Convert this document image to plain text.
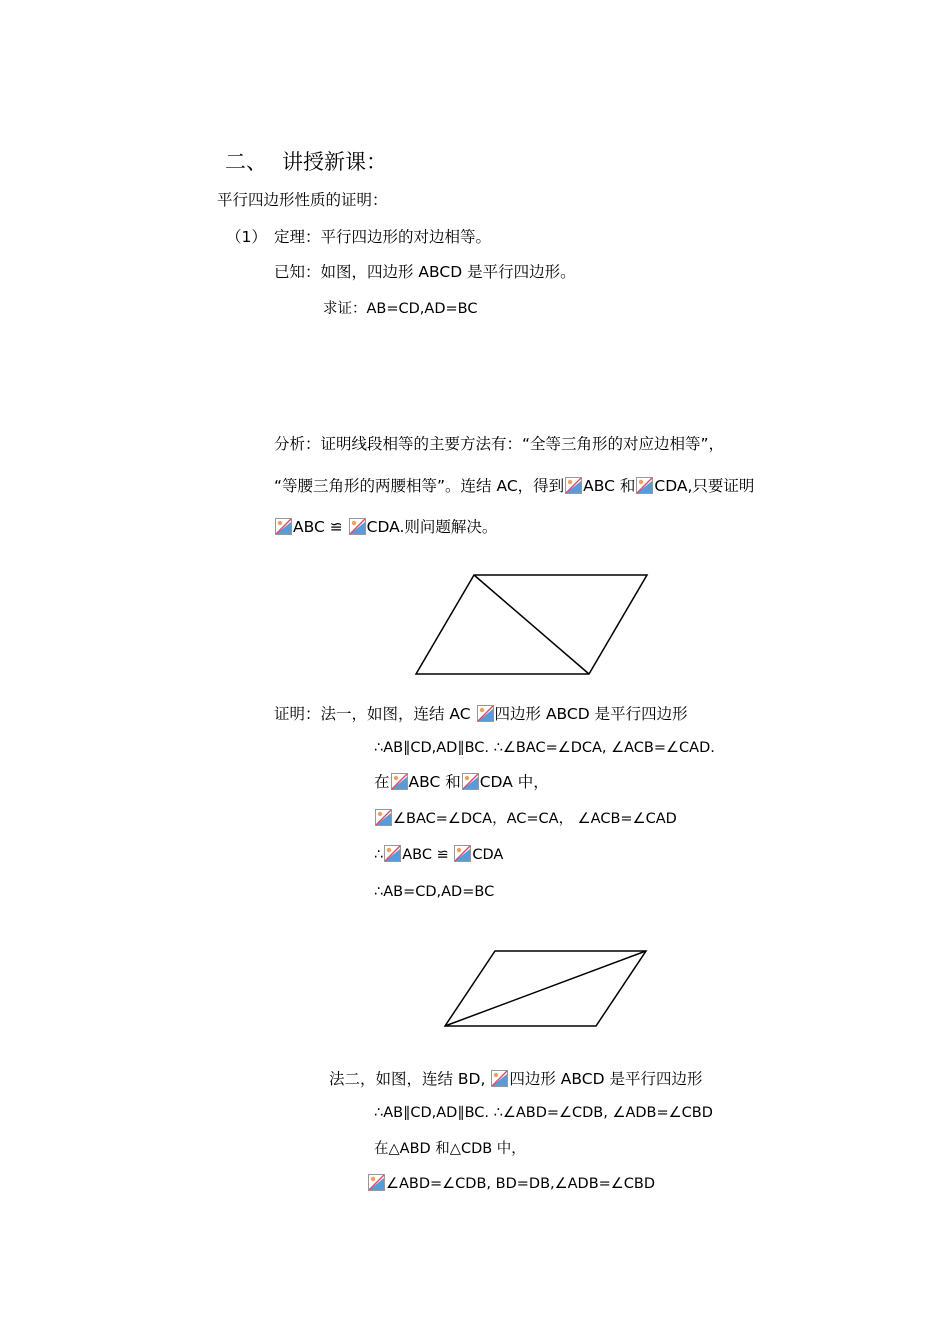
二、 讲授新课：
平行四边形性质的证明：
（1） 定理：平行四边形的对边相等。
已知：如图，四边形 ABCD 是平行四边形。
求证：AB=CD,AD=BC
分析：证明线段相等的主要方法有：“全等三角形的对应边相等”，
“等腰三角形的两腰相等”。连结 AC，得到 ABC 和 CDA,只要证明
ABC ≌ CDA.则问题解决。
证明：法一，如图，连结 AC 四边形 ABCD 是平行四边形
∴AB∥CD,AD∥BC. ∴∠BAC=∠DCA, ∠ACB=∠CAD.
在 ABC 和 CDA 中，
∠BAC=∠DCA，AC=CA， ∠ACB=∠CAD
∴ ABC ≌ CDA
∴AB=CD,AD=BC
法二，如图，连结 BD, 四边形 ABCD 是平行四边形
∴AB∥CD,AD∥BC. ∴∠ABD=∠CDB, ∠ADB=∠CBD
在△ABD 和△CDB 中，
∠ABD=∠CDB, BD=DB,∠ADB=∠CBD
